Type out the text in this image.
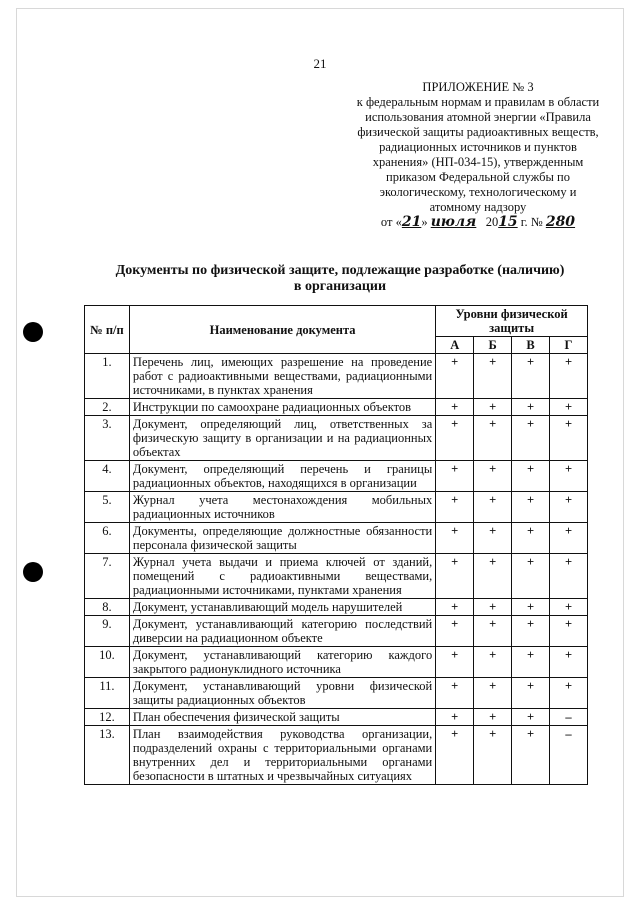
21
ПРИЛОЖЕНИЕ № 3
к федеральным нормам и правилам в области
использования атомной энергии «Правила
физической защиты радиоактивных веществ,
радиационных источников и пунктов
хранения» (НП-034-15), утвержденным
приказом Федеральной службы по
экологическому, технологическому и
атомному надзору
от «21» июля 2015 г. № 280
Документы по физической защите, подлежащие разработке (наличию)
в организации
№ п/п	Наименование документа	Уровни физической защиты			
		А	Б	В	Г
1.	Перечень лиц, имеющих разрешение на проведение работ с радиоактивными веществами, радиационными источниками, в пунктах хранения	+	+	+	+
2.	Инструкции по самоохране радиационных объектов	+	+	+	+
3.	Документ, определяющий лиц, ответственных за физическую защиту в организации и на радиационных объектах	+	+	+	+
4.	Документ, определяющий перечень и границы радиационных объектов, находящихся в организации	+	+	+	+
5.	Журнал учета местонахождения мобильных радиационных источников	+	+	+	+
6.	Документы, определяющие должностные обязанности персонала физической защиты	+	+	+	+
7.	Журнал учета выдачи и приема ключей от зданий, помещений с радиоактивными веществами, радиационными источниками, пунктами хранения	+	+	+	+
8.	Документ, устанавливающий модель нарушителей	+	+	+	+
9.	Документ, устанавливающий категорию последствий диверсии на радиационном объекте	+	+	+	+
10.	Документ, устанавливающий категорию каждого закрытого радионуклидного источника	+	+	+	+
11.	Документ, устанавливающий уровни физической защиты радиационных объектов	+	+	+	+
12.	План обеспечения физической защиты	+	+	+	–
13.	План взаимодействия руководства организации, подразделений охраны с территориальными органами внутренних дел и территориальными органами безопасности в штатных и чрезвычайных ситуациях	+	+	+	–
